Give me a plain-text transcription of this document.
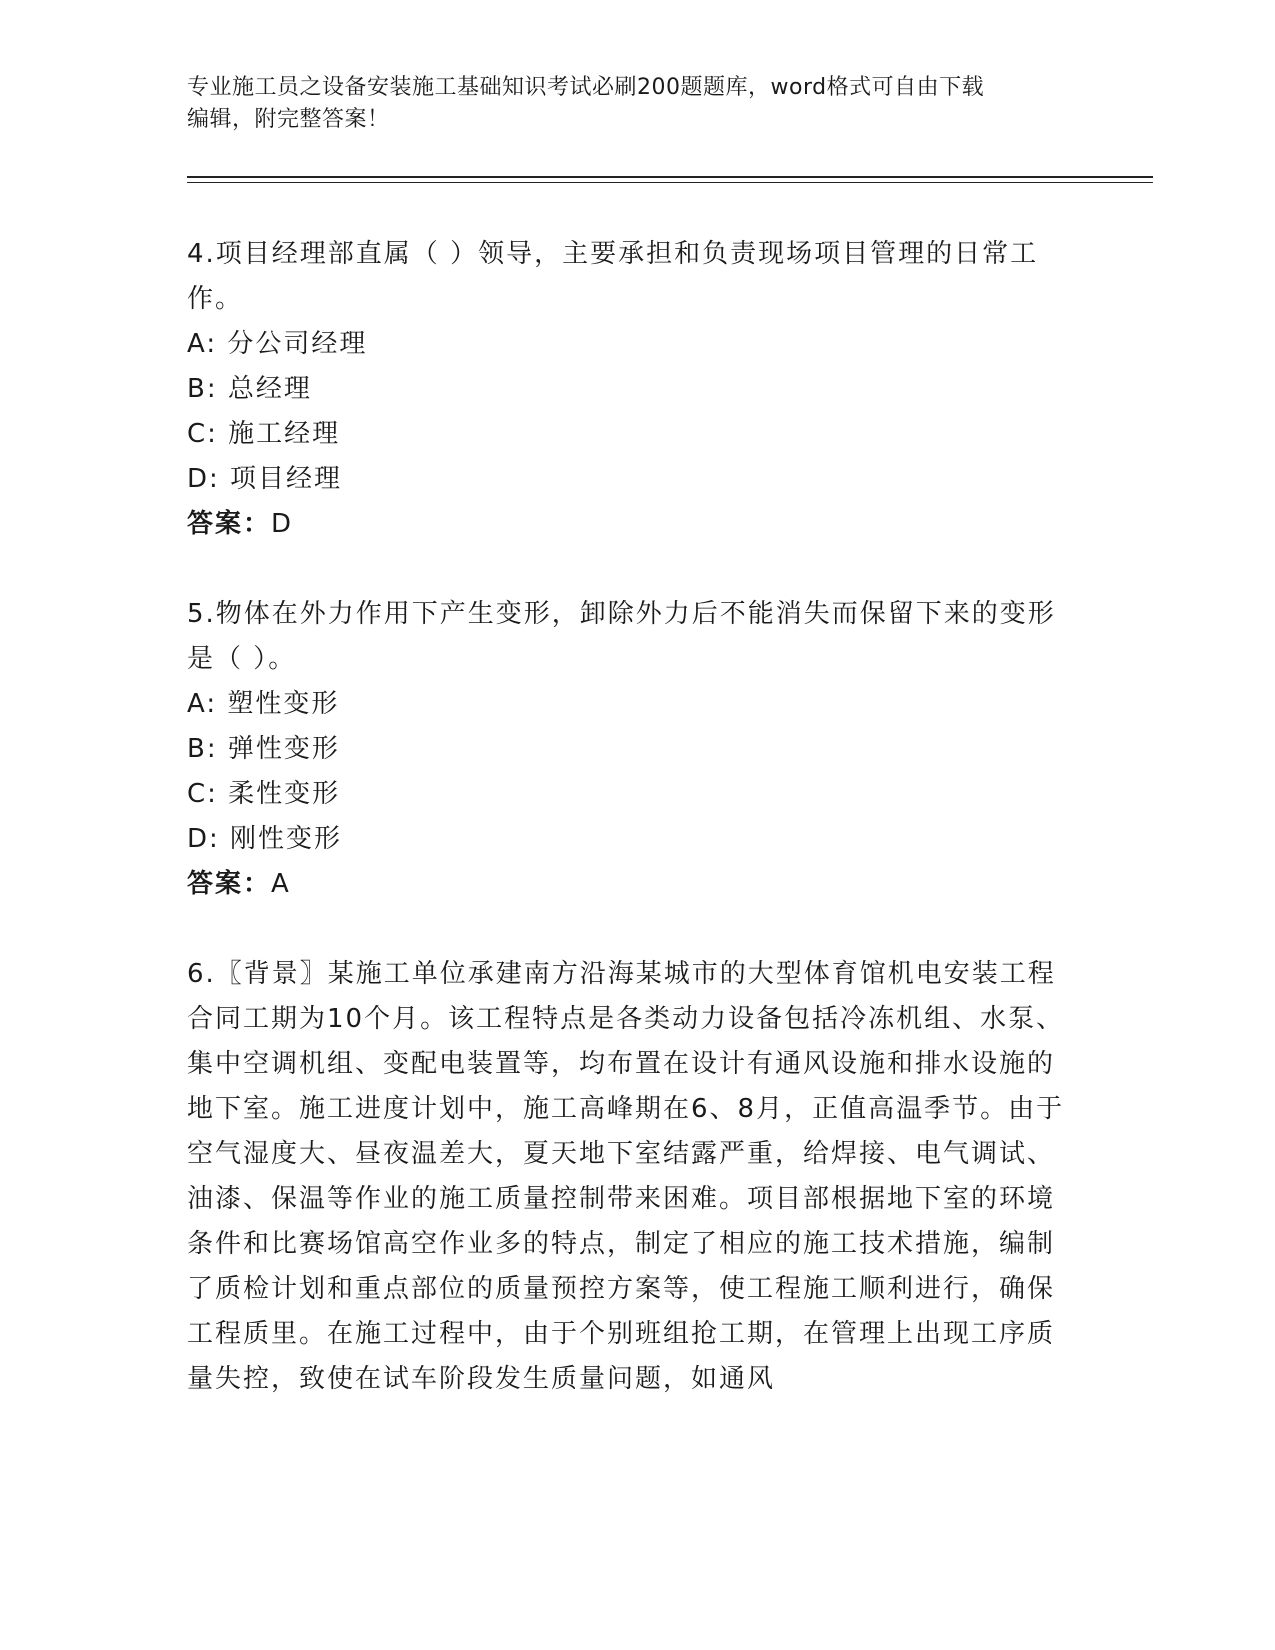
专业施工员之设备安装施工基础知识考试必刷200题题库，word格式可自由下载
编辑，附完整答案！

4.项目经理部直属（ ）领导，主要承担和负责现场项目管理的日常工作。

A: 分公司经理

B: 总经理

C: 施工经理

D: 项目经理

答案：D

5.物体在外力作用下产生变形，卸除外力后不能消失而保留下来的变形是（ ）。

A: 塑性变形

B: 弹性变形

C: 柔性变形

D: 刚性变形

答案：A

6.〖背景〗某施工单位承建南方沿海某城市的大型体育馆机电安装工程合同工期为10个月。该工程特点是各类动力设备包括冷冻机组、水泵、集中空调机组、变配电装置等，均布置在设计有通风设施和排水设施的地下室。施工进度计划中，施工高峰期在6、8月，正值高温季节。由于空气湿度大、昼夜温差大，夏天地下室结露严重，给焊接、电气调试、油漆、保温等作业的施工质量控制带来困难。项目部根据地下室的环境条件和比赛场馆高空作业多的特点，制定了相应的施工技术措施，编制了质检计划和重点部位的质量预控方案等，使工程施工顺利进行，确保工程质里。在施工过程中，由于个别班组抢工期，在管理上出现工序质量失控，致使在试车阶段发生质量问题，如通风
